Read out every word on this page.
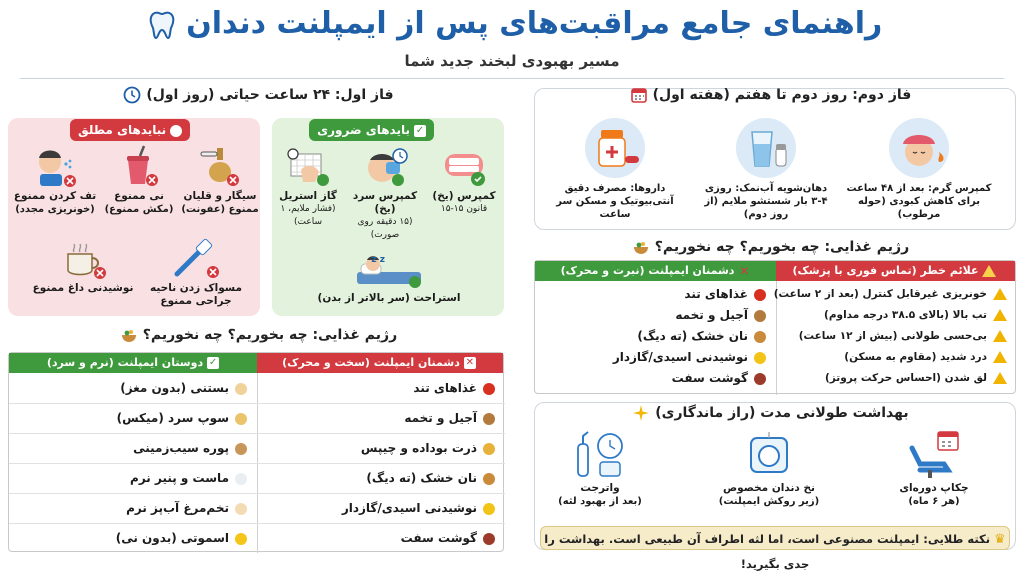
راهنمای جامع مراقبت‌های پس از ایمپلنت دندان
مسیر بهبودی لبخند جدید شما
فاز اول: ۲۴ ساعت حیاتی (روز اول)
✓بایدهای ضروری
کمپرس (یخ)
قانون ۱۵-۱۵
کمپرس سرد (یخ)
(۱۵ دقیقه روی صورت)
گاز استریل
(فشار ملایم، ۱ ساعت)
z z
استراحت (سر بالاتر از بدن)
نبایدهای مطلق
سیگار و قلیان
ممنوع (عفونت)
نی ممنوع
(مکش ممنوع)
تف کردن ممنوع
(خونریزی مجدد)
مسواک زدن ناحیه جراحی ممنوع
نوشیدنی داغ ممنوع
رژیم غذایی: چه بخوریم؟ چه نخوریم؟
✕دشمنان ایمپلنت (سخت و محرک)
✓دوستان ایمپلنت (نرم و سرد)
غذاهای تند
آجیل و تخمه
ذرت بوداده و چیپس
نان خشک (ته دیگ)
نوشیدنی اسیدی/گازدار
گوشت سفت
بستنی (بدون مغز)
سوپ سرد (میکس)
پوره سیب‌زمینی
ماست و پنیر نرم
تخم‌مرغ آب‌پز نرم
اسموتی (بدون نی)
فاز دوم: روز دوم تا هفتم (هفته اول)
کمپرس گرم: بعد از ۴۸ ساعت
برای کاهش کبودی (حوله مرطوب)
دهان‌شویه آب‌نمک: روزی
۳-۴ بار شستشو ملایم (از روز دوم)
داروها: مصرف دقیق
آنتی‌بیوتیک و مسکن سر ساعت
رژیم غذایی: چه بخوریم؟ چه نخوریم؟
علائم خطر (تماس فوری با پزشک)
✕دشمنان ایمپلنت (نبرت و محرک)
خونریزی غیرقابل کنترل (بعد از ۲ ساعت)
تب بالا (بالای ۳۸.۵ درجه مداوم)
بی‌حسی طولانی (بیش از ۱۲ ساعت)
درد شدید (مقاوم به مسکن)
لق شدن (احساس حرکت پروتز)
غذاهای تند
آجیل و تخمه
نان خشک (ته دیگ)
نوشیدنی اسیدی/گازدار
گوشت سفت
بهداشت طولانی مدت (راز ماندگاری)
چکاپ دوره‌ای
(هر ۶ ماه)
نخ دندان مخصوص
(زیر روکش ایمپلنت)
واترجت
(بعد از بهبود لثه)
♛نکته طلایی: ایمپلنت مصنوعی است، اما لثه اطراف آن طبیعی است. بهداشت را جدی بگیرید!
